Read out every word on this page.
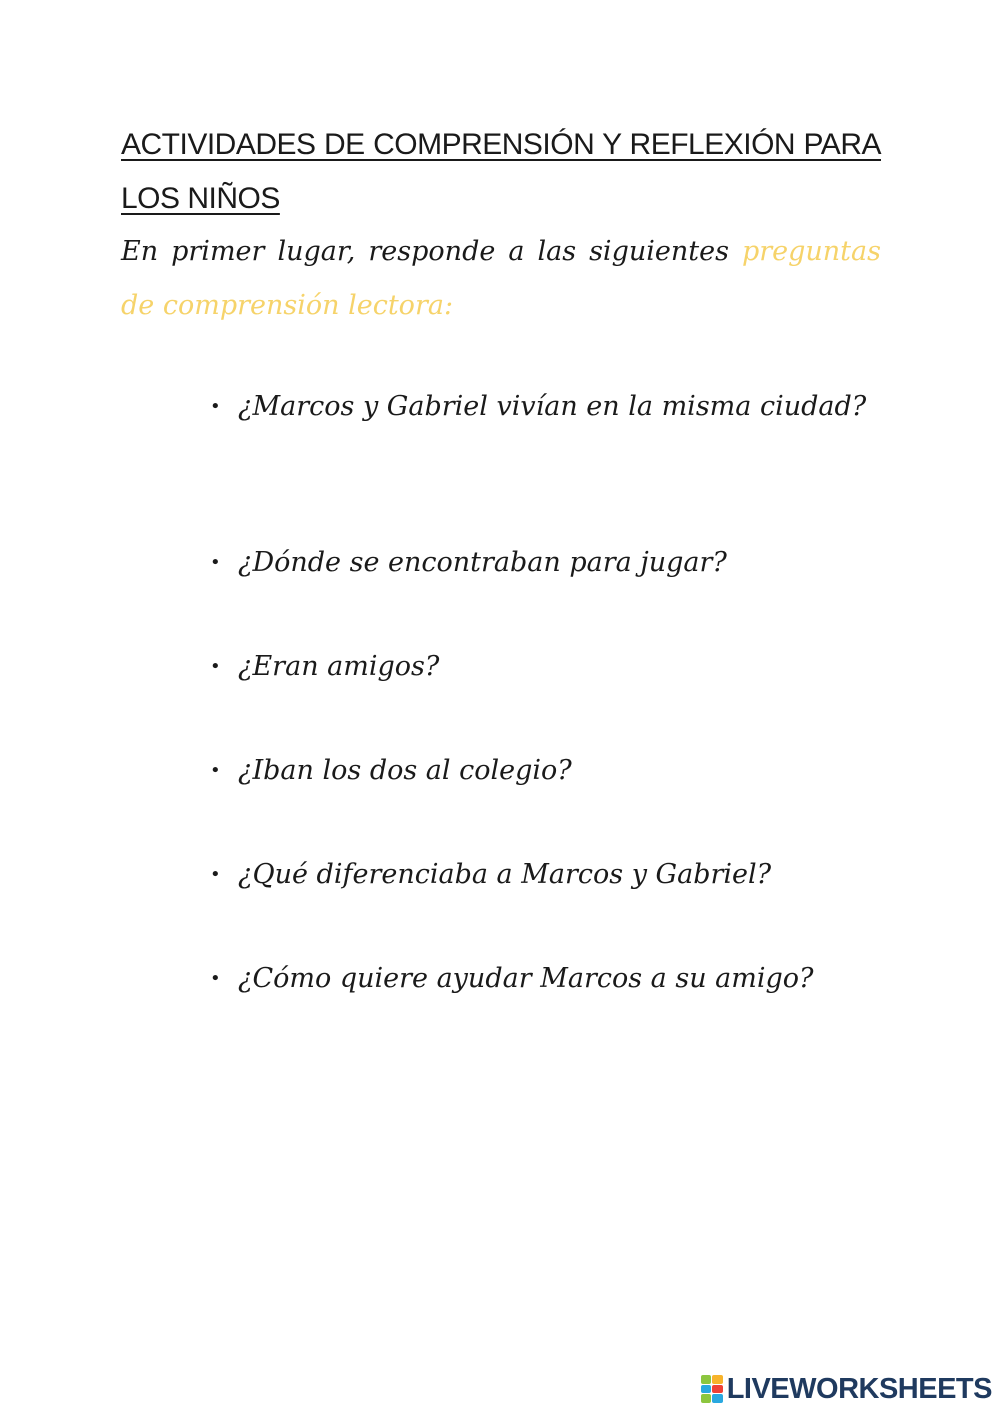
ACTIVIDADES DE COMPRENSIÓN Y REFLEXIÓN PARA LOS NIÑOS

En primer lugar, responde a las siguientes preguntas de comprensión lectora:

• ¿Marcos y Gabriel vivían en la misma ciudad?
• ¿Dónde se encontraban para jugar?
• ¿Eran amigos?
• ¿Iban los dos al colegio?
• ¿Qué diferenciaba a Marcos y Gabriel?
• ¿Cómo quiere ayudar Marcos a su amigo?
LIVEWORKSHEETS
